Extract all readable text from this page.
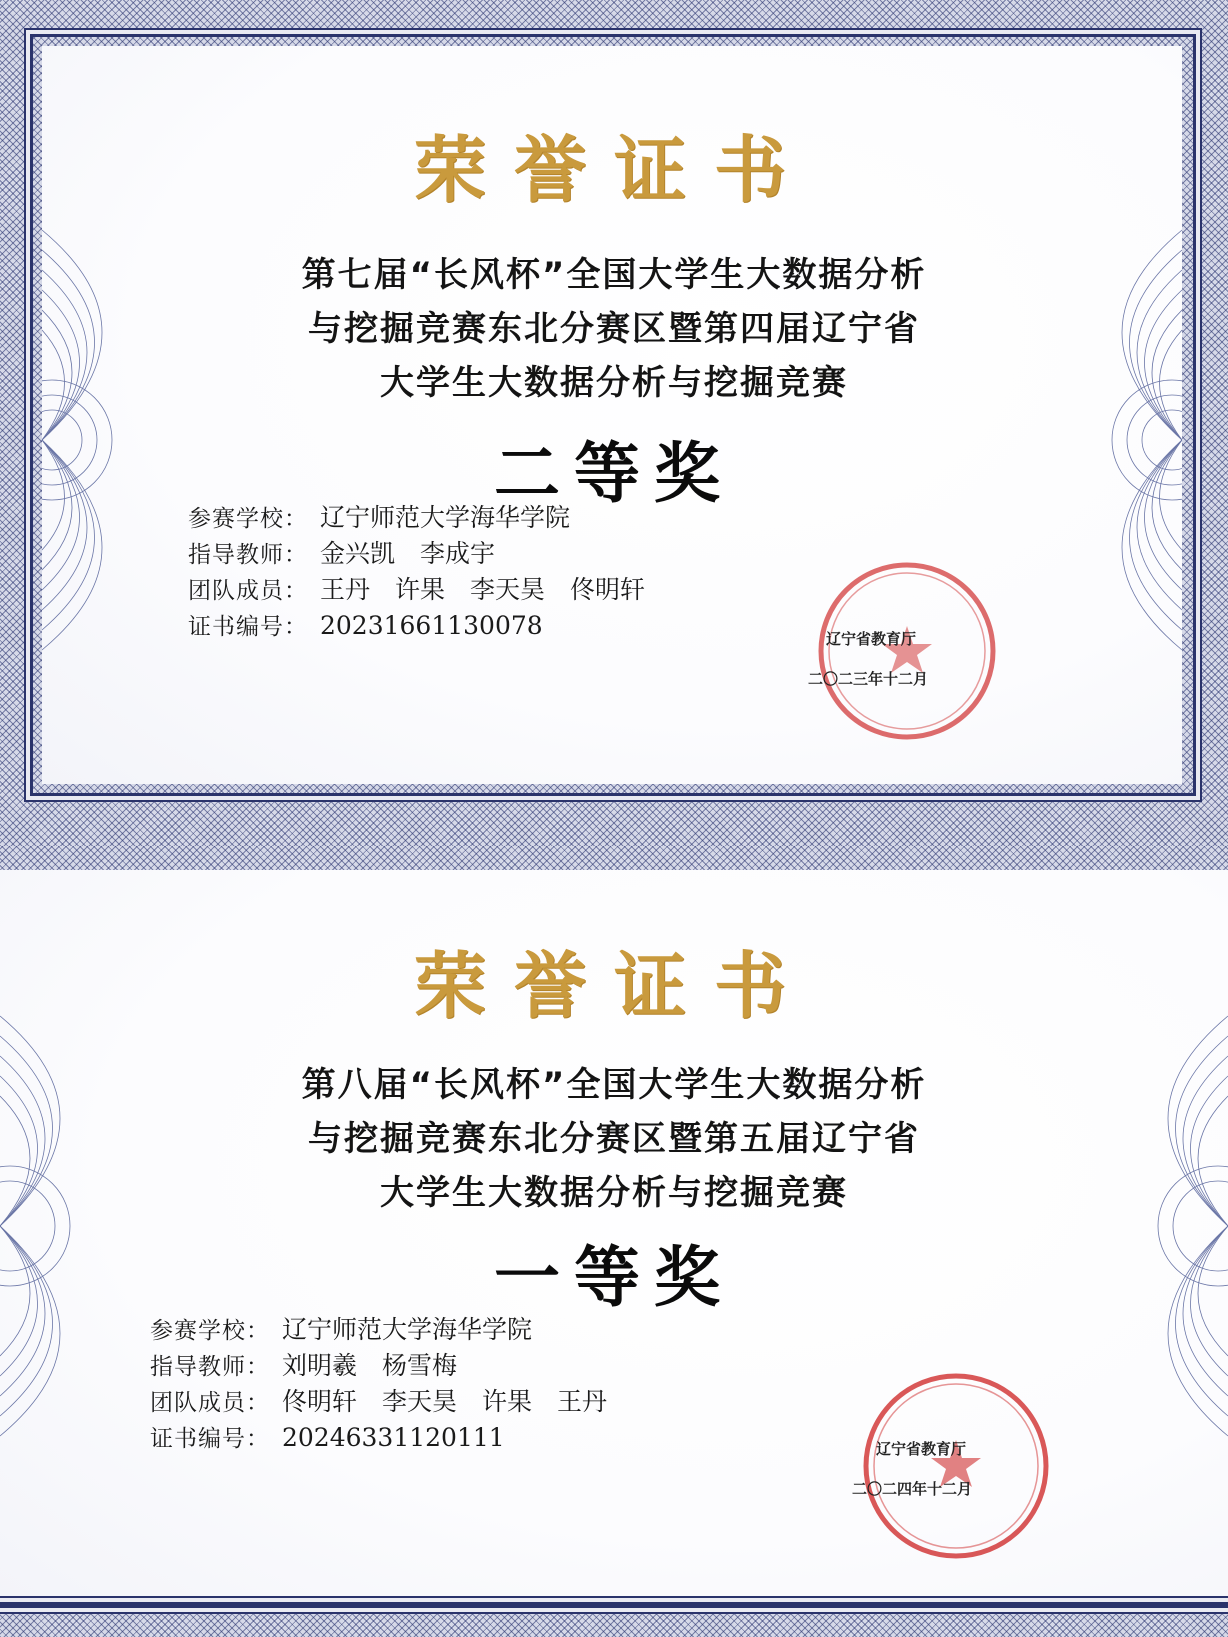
荣誉证书
第七届“长风杯”全国大学生大数据分析
与挖掘竞赛东北分赛区暨第四届辽宁省
大学生大数据分析与挖掘竞赛
二等奖
参赛学校： 辽宁师范大学海华学院
指导教师： 金兴凯　李成宇
团队成员： 王丹　许果　李天昊　佟明轩
证书编号： 20231661130078	辽宁省教育厅
二〇二三年十二月
荣誉证书
第八届“长风杯”全国大学生大数据分析
与挖掘竞赛东北分赛区暨第五届辽宁省
大学生大数据分析与挖掘竞赛
一等奖
参赛学校： 辽宁师范大学海华学院
指导教师： 刘明羲　杨雪梅
团队成员： 佟明轩　李天昊　许果　王丹
证书编号： 20246331120111	辽宁省教育厅
二〇二四年十二月
